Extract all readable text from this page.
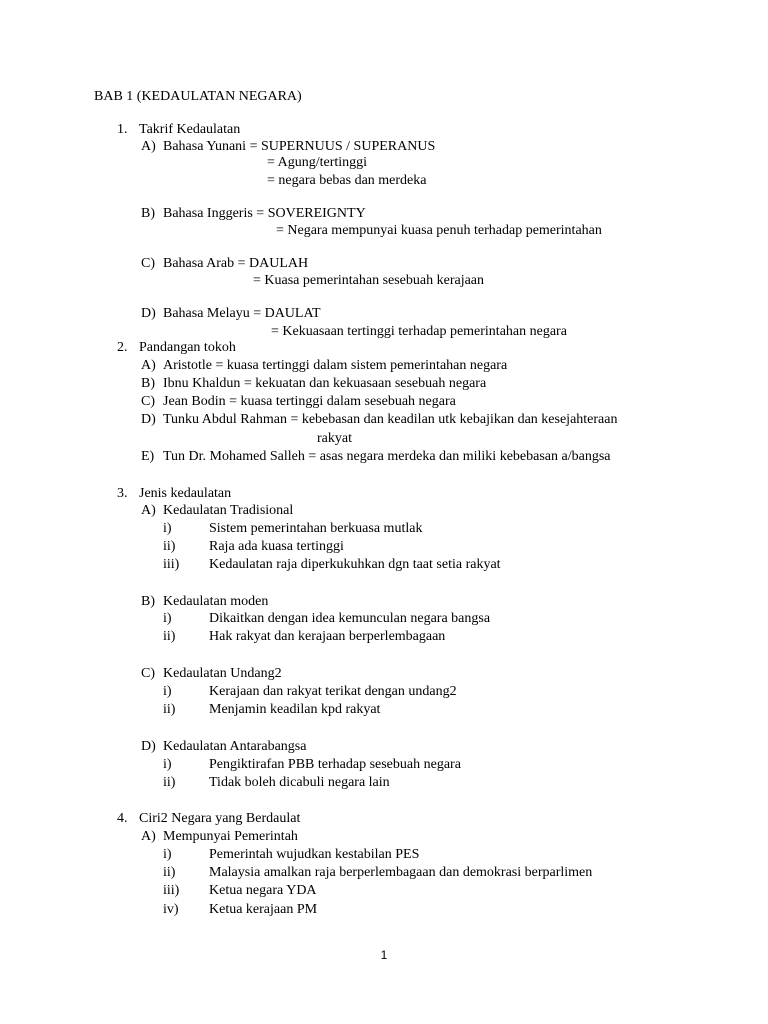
BAB 1 (KEDAULATAN NEGARA)
1. Takrif Kedaulatan
A) Bahasa Yunani = SUPERNUUS / SUPERANUS
= Agung/tertinggi
= negara bebas dan merdeka
B) Bahasa Inggeris = SOVEREIGNTY
= Negara mempunyai kuasa penuh terhadap pemerintahan
C) Bahasa Arab = DAULAH
= Kuasa pemerintahan sesebuah kerajaan
D) Bahasa Melayu = DAULAT
= Kekuasaan tertinggi terhadap pemerintahan negara
2. Pandangan tokoh
A) Aristotle = kuasa tertinggi dalam sistem pemerintahan negara
B) Ibnu Khaldun = kekuatan dan kekuasaan sesebuah negara
C) Jean Bodin = kuasa tertinggi dalam sesebuah negara
D) Tunku Abdul Rahman = kebebasan dan keadilan utk kebajikan dan kesejahteraan
rakyat
E) Tun Dr. Mohamed Salleh = asas negara merdeka dan miliki kebebasan a/bangsa
3. Jenis kedaulatan
A) Kedaulatan Tradisional
i)	Sistem pemerintahan berkuasa mutlak
ii) Raja ada kuasa tertinggi
iii) Kedaulatan raja diperkukuhkan dgn taat setia rakyat
B) Kedaulatan moden
i)	Dikaitkan dengan idea kemunculan negara bangsa
ii) Hak rakyat dan kerajaan berperlembagaan
C) Kedaulatan Undang2
i)	Kerajaan dan rakyat terikat dengan undang2
ii) Menjamin keadilan kpd rakyat
D) Kedaulatan Antarabangsa
i)	Pengiktirafan PBB terhadap sesebuah negara
ii) Tidak boleh dicabuli negara lain
4. Ciri2 Negara yang Berdaulat
A) Mempunyai Pemerintah
i)	Pemerintah wujudkan kestabilan PES
ii) Malaysia amalkan raja berperlembagaan dan demokrasi berparlimen
iii) Ketua negara YDA
iv) Ketua kerajaan PM
1
